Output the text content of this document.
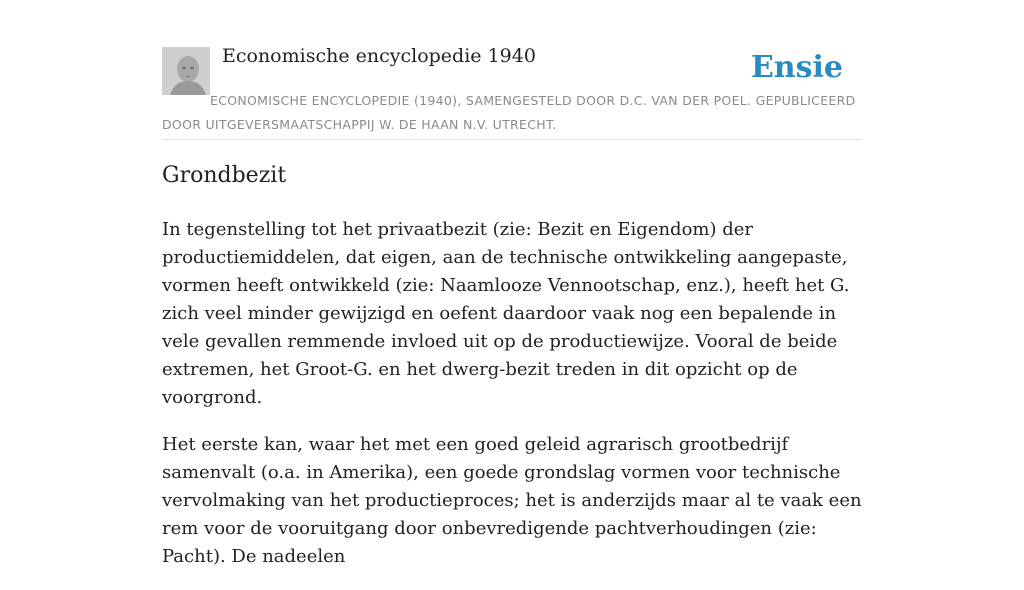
Economische encyclopedie 1940	Ensie
ECONOMISCHE ENCYCLOPEDIE (1940), SAMENGESTELD DOOR D.C. VAN DER POEL. GEPUBLICEERD DOOR UITGEVERSMAATSCHAPPIJ W. DE HAAN N.V. UTRECHT.
Grondbezit

In tegenstelling tot het privaatbezit (zie: Bezit en Eigendom) der productiemiddelen, dat eigen, aan de technische ontwikkeling aangepaste, vormen heeft ontwikkeld (zie: Naamlooze Vennootschap, enz.), heeft het G. zich veel minder gewijzigd en oefent daardoor vaak nog een bepalende in vele gevallen remmende invloed uit op de productiewijze. Vooral de beide extremen, het Groot-G. en het dwerg-bezit treden in dit opzicht op de voorgrond.

Het eerste kan, waar het met een goed geleid agrarisch grootbedrijf samenvalt (o.a. in Amerika), een goede grondslag vormen voor technische vervolmaking van het productieproces; het is anderzijds maar al te vaak een rem voor de vooruitgang door onbevredigende pachtverhoudingen (zie: Pacht). De nadeelen
